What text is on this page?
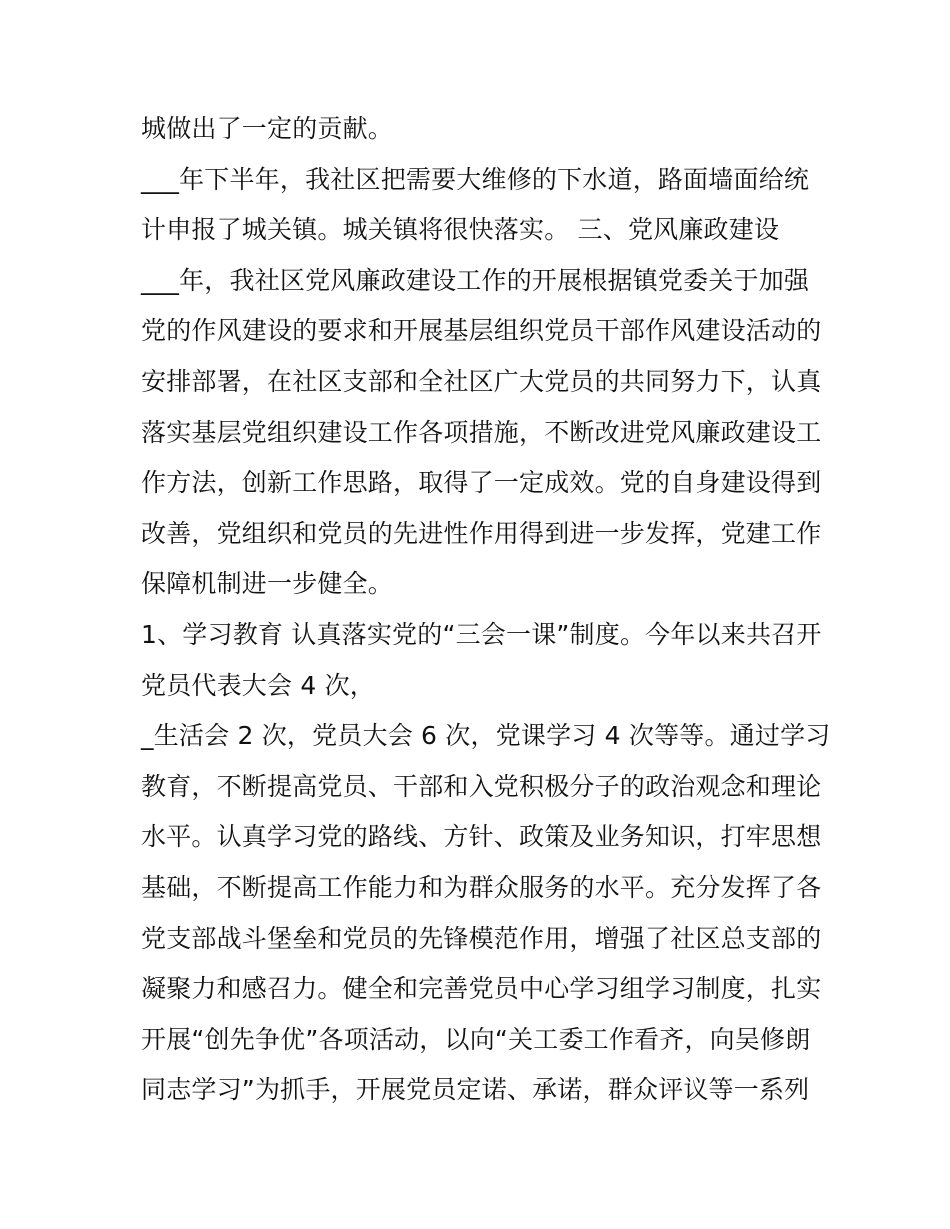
城做出了一定的贡献。

___年下半年，我社区把需要大维修的下水道，路面墙面给统

计申报了城关镇。城关镇将很快落实。 三、党风廉政建设

___年，我社区党风廉政建设工作的开展根据镇党委关于加强

党的作风建设的要求和开展基层组织党员干部作风建设活动的

安排部署，在社区支部和全社区广大党员的共同努力下，认真

落实基层党组织建设工作各项措施，不断改进党风廉政建设工

作方法，创新工作思路，取得了一定成效。党的自身建设得到

改善，党组织和党员的先进性作用得到进一步发挥，党建工作

保障机制进一步健全。

1、学习教育 认真落实党的“三会一课”制度。今年以来共召开

党员代表大会 4 次，

_生活会 2 次，党员大会 6 次，党课学习 4 次等等。通过学习

教育，不断提高党员、干部和入党积极分子的政治观念和理论

水平。认真学习党的路线、方针、政策及业务知识，打牢思想

基础，不断提高工作能力和为群众服务的水平。充分发挥了各

党支部战斗堡垒和党员的先锋模范作用，增强了社区总支部的

凝聚力和感召力。健全和完善党员中心学习组学习制度，扎实

开展“创先争优”各项活动，以向“关工委工作看齐，向吴修朗

同志学习”为抓手，开展党员定诺、承诺，群众评议等一系列
